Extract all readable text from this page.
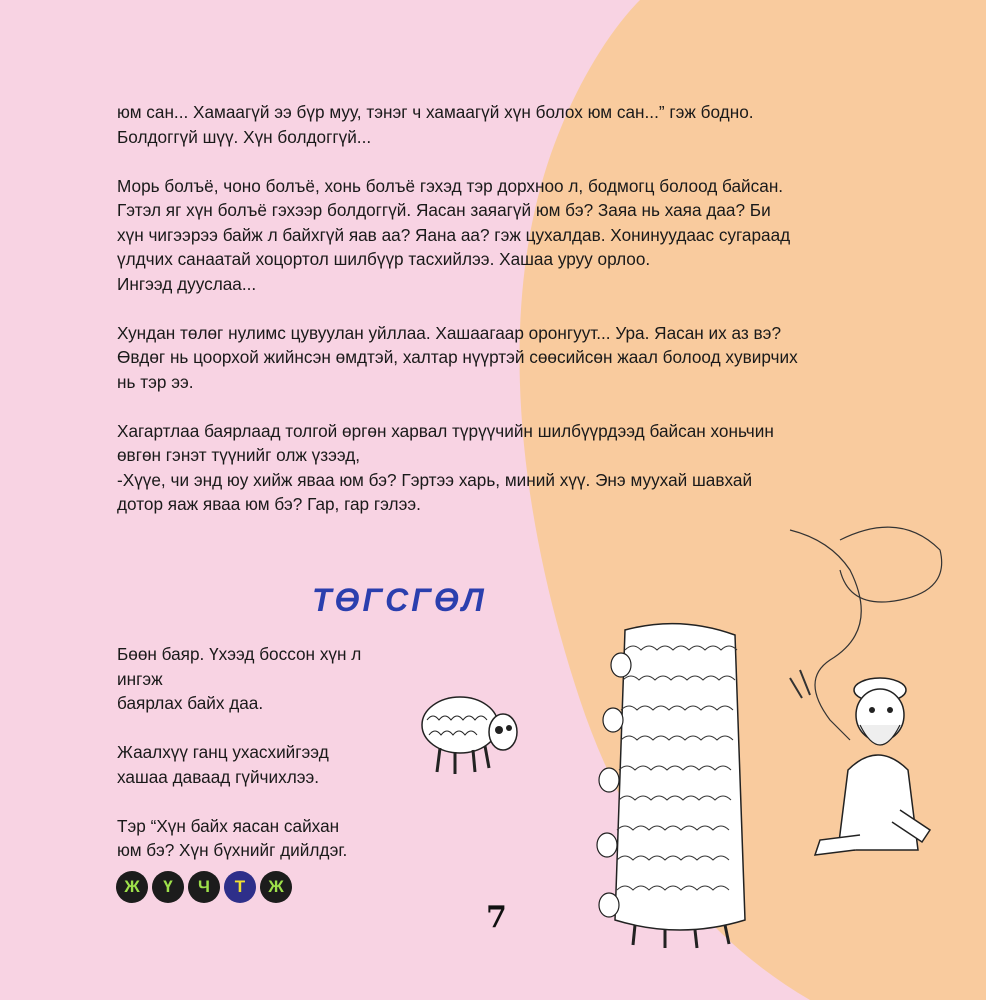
юм сан... Хамаагүй ээ бүр муу, тэнэг ч хамаагүй хүн болох юм сан...” гэж бодно.
Болдоггүй шүү. Хүн болдоггүй...

Морь болъё, чоно болъё, хонь болъё гэхэд тэр дорхноо л, бодмогц болоод байсан.
Гэтэл яг хүн болъё гэхээр болдоггүй. Яасан заяагүй юм бэ? Заяа нь хаяа даа? Би
хүн чигээрээ байж л байхгүй яав аа? Яана аа? гэж цухалдав. Хонинуудаас сугараад
үлдчих санаатай хоцортол шилбүүр тасхийлээ. Хашаа уруу орлоо.
Ингээд дууслаа...

Хундан төлөг нулимс цувуулан уйллаа. Хашаагаар оронгуут... Ура. Яасан их аз вэ?
Өвдөг нь цоорхой жийнсэн өмдтэй, халтар нүүртэй сөөсийсөн жаал болоод хувирчих
нь тэр ээ.

Хагартлаа баярлаад толгой өргөн харвал түрүүчийн шилбүүрдээд байсан хоньчин
өвгөн гэнэт түүнийг олж үзээд,
-Хүүе, чи энд юу хийж яваа юм бэ? Гэртээ харь, миний хүү. Энэ муухай шавхай
дотор яаж яваа юм бэ? Гар, гар гэлээ.

ТӨГСГӨЛ

Бөөн баяр. Үхээд боссон хүн л ингэж
баярлах байх даа.

Жаалхүү ганц ухасхийгээд
хашаа даваад гүйчихлээ.

Тэр “Хүн байх яасан сайхан
юм бэ? Хүн бүхнийг дийлдэг.

Ж Ү Ч Т Ж
7
